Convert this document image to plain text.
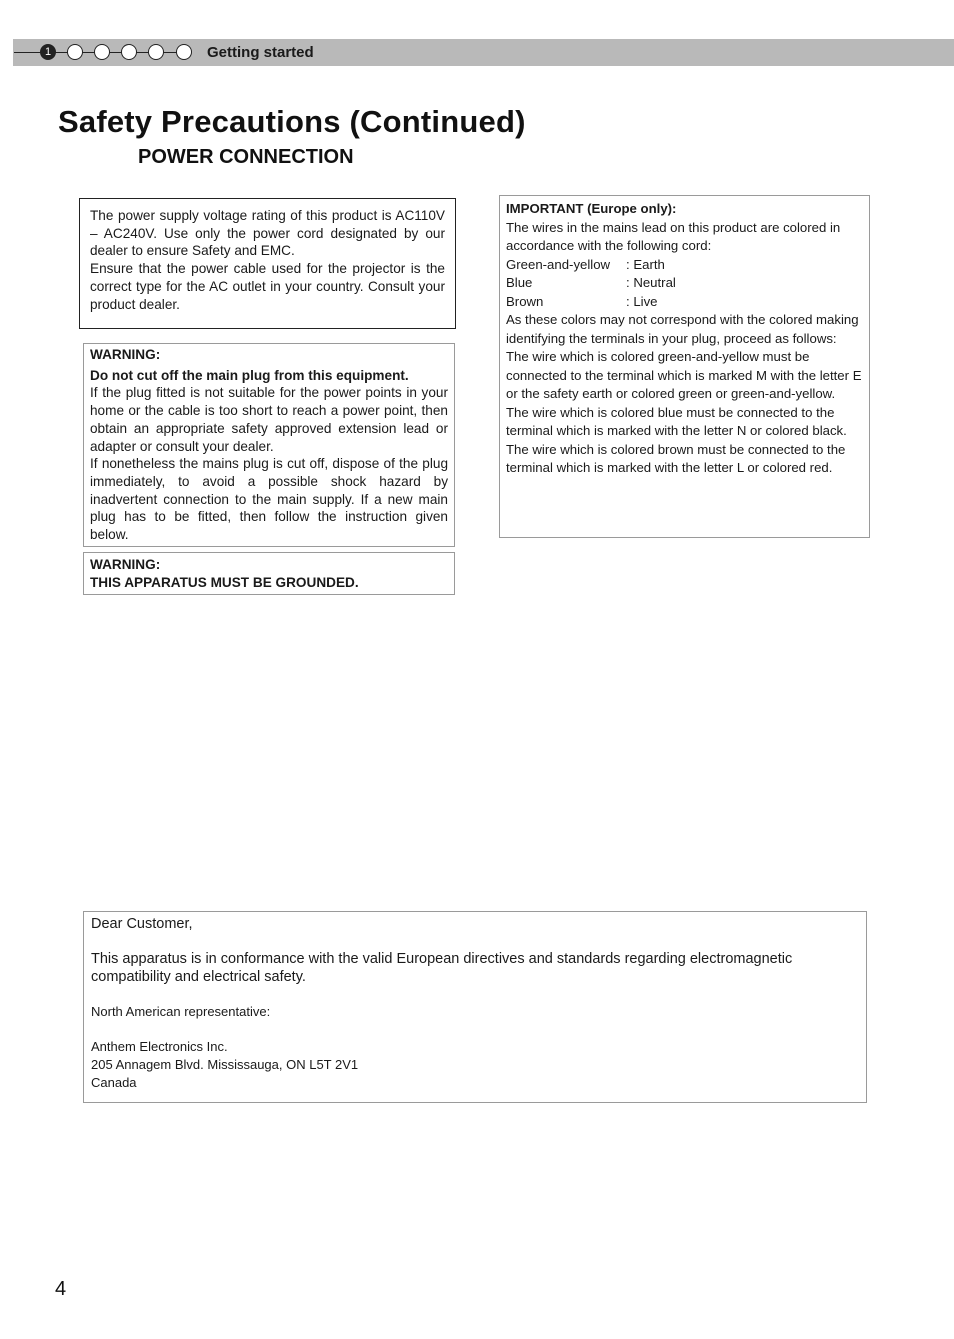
1	Getting started
Safety Precautions (Continued)
POWER CONNECTION

The power supply voltage rating of this product is AC110V – AC240V. Use only the power cord designated by our dealer to ensure Safety and EMC.

Ensure that the power cable used for the projector is the correct type for the AC outlet in your country. Consult your product dealer.

WARNING:

Do not cut off the main plug from this equipment.

If the plug fitted is not suitable for the power points in your home or the cable is too short to reach a power point, then obtain an appropriate safety approved extension lead or adapter or consult your dealer.

If nonetheless the mains plug is cut off, dispose of the plug immediately, to avoid a possible shock hazard by inadvertent connection to the main supply. If a new main plug has to be fitted, then follow the instruction given below.

WARNING:

THIS APPARATUS MUST BE GROUNDED.

IMPORTANT (Europe only):

The wires in the mains lead on this product are colored in accordance with the following cord:

Green-and-yellow	: Earth
Blue	: Neutral
Brown	: Live

As these colors may not correspond with the colored making identifying the terminals in your plug, proceed as follows:

The wire which is colored green-and-yellow must be connected to the terminal which is marked M with the letter E or the safety earth or colored green or green-and-yellow.

The wire which is colored blue must be connected to the terminal which is marked with the letter N or colored black.

The wire which is colored brown must be connected to the terminal which is marked with the letter L or colored red.

Dear Customer,

This apparatus is in conformance with the valid European directives and standards regarding electromagnetic compatibility and electrical safety.

North American representative:

Anthem Electronics Inc.

205 Annagem Blvd. Mississauga, ON L5T 2V1

Canada

4
